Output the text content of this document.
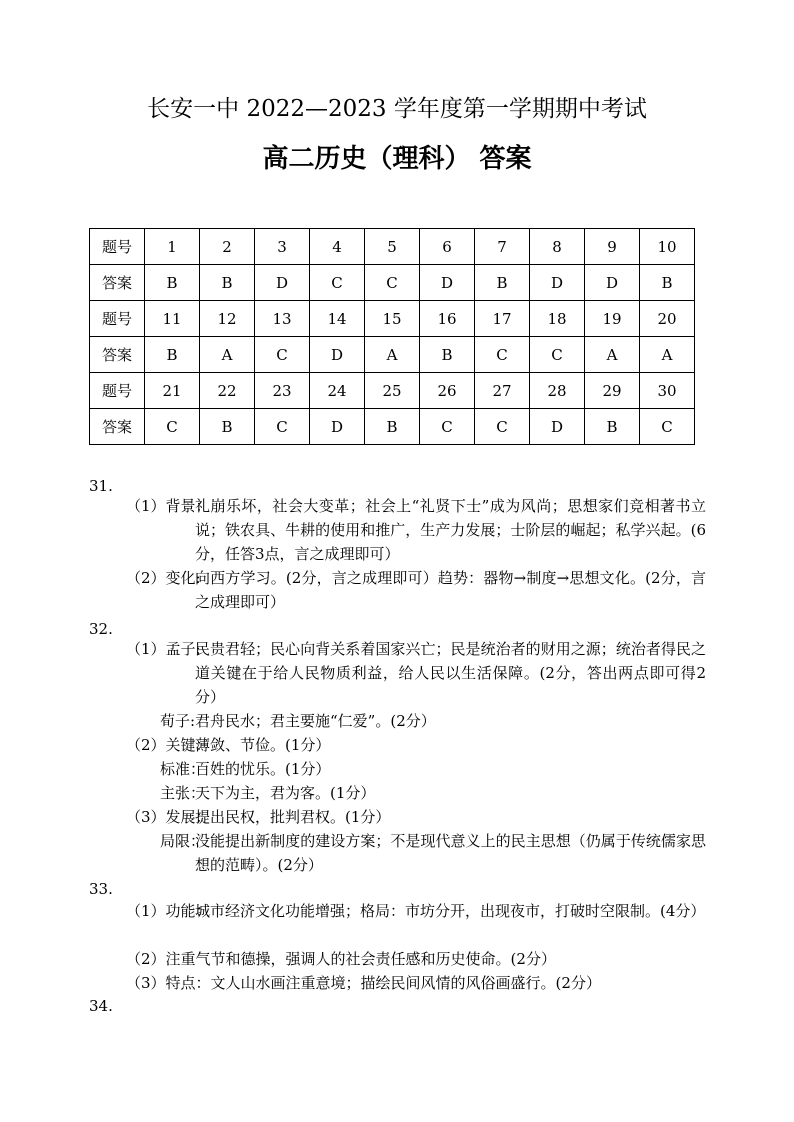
长安一中 2022—2023 学年度第一学期期中考试
高二历史（理科） 答案
题号	1	2	3	4	5	6	7	8	9	10
答案	B	B	D	C	C	D	B	D	D	B
题号	11	12	13	14	15	16	17	18	19	20
答案	B	A	C	D	A	B	C	C	A	A
题号	21	22	23	24	25	26	27	28	29	30
答案	C	B	C	D	B	C	C	D	B	C
31.
（1）背景：
礼崩乐坏，社会大变革；社会上“礼贤下士”成为风尚；思想家们竞相著书立说；铁农具、牛耕的使用和推广，生产力发展；士阶层的崛起；私学兴起。(6分，任答3点，言之成理即可）
（2）变化:
向西方学习。(2分，言之成理即可）趋势：器物→制度→思想文化。(2分，言之成理即可）
32.
（1）孟子:
民贵君轻；民心向背关系着国家兴亡；民是统治者的财用之源；统治者得民之道关键在于给人民物质利益，给人民以生活保障。(2分，答出两点即可得2分）
荀子: 君舟民水；君主要施“仁爱”。(2分）
（2）关键：
薄敛、节俭。(1分）
标准：
百姓的忧乐。(1分）
主张：
天下为主，君为客。(1分）
（3）发展：
提出民权，批判君权。(1分）
局限：
没能提出新制度的建设方案；不是现代意义上的民主思想（仍属于传统儒家思想的范畴）。(2分）
33.
（1）功能：
城市经济文化功能增强；格局：市坊分开，出现夜市，打破时空限制。(4分）
（2）注重气节和德操，强调人的社会责任感和历史使命。(2分）
（3）特点：文人山水画注重意境；描绘民间风情的风俗画盛行。(2分）
34.
